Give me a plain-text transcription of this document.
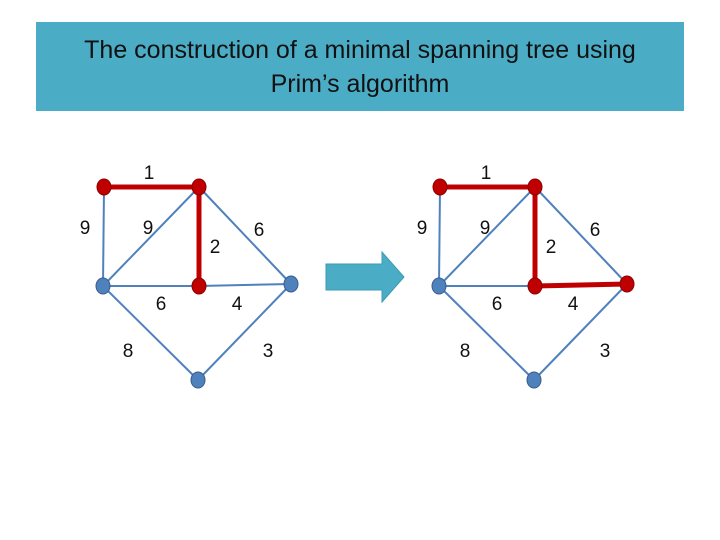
The construction of a minimal spanning tree using
Prim’s algorithm
1
9	9
2
6
6	4
8	3
1
9	9
2
6
6	4
8	3
